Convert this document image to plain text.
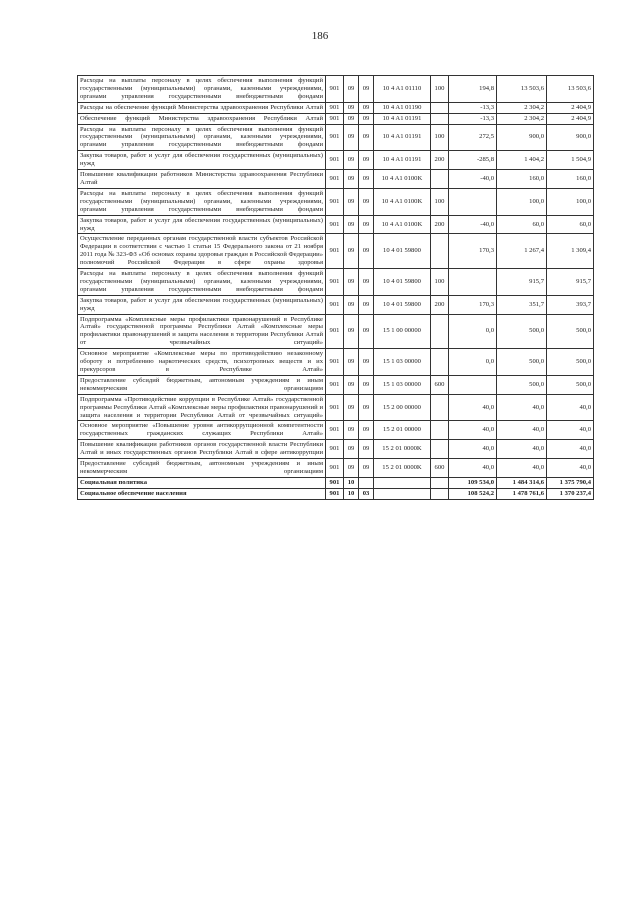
186
Расходы на выплаты персоналу в целях обеспечения выполнения функций государственными (муниципальными) органами, казенными учреждениями, органами управления государственными внебюджетными фондами	901	09	09	10 4 A1 01110	100	194,8	13 503,6	13 503,6
Расходы на обеспечение функций Министерства здравоохранения Республики Алтай	901	09	09	10 4 A1 01190		-13,3	2 304,2	2 404,9
Обеспечение функций Министерства здравоохранения Республики Алтай	901	09	09	10 4 A1 01191		-13,3	2 304,2	2 404,9
Расходы на выплаты персоналу в целях обеспечения выполнения функций государственными (муниципальными) органами, казенными учреждениями, органами управления государственными внебюджетными фондами	901	09	09	10 4 A1 01191	100	272,5	900,0	900,0
Закупка товаров, работ и услуг для обеспечения государственных (муниципальных) нужд	901	09	09	10 4 A1 01191	200	-285,8	1 404,2	1 504,9
Повышение квалификации работников Министерства здравоохранения Республики Алтай	901	09	09	10 4 A1 0100K		-40,0	160,0	160,0
Расходы на выплаты персоналу в целях обеспечения выполнения функций государственными (муниципальными) органами, казенными учреждениями, органами управления государственными внебюджетными фондами	901	09	09	10 4 A1 0100K	100		100,0	100,0
Закупка товаров, работ и услуг для обеспечения государственных (муниципальных) нужд	901	09	09	10 4 A1 0100K	200	-40,0	60,0	60,0
Осуществление переданных органам государственной власти субъектов Российской Федерации в соответствии с частью 1 статьи 15 Федерального закона от 21 ноября 2011 года № 323-ФЗ «Об основах охраны здоровья граждан в Российской Федерации» полномочий Российской Федерации в сфере охраны здоровья	901	09	09	10 4 01 59800		170,3	1 267,4	1 309,4
Расходы на выплаты персоналу в целях обеспечения выполнения функций государственными (муниципальными) органами, казенными учреждениями, органами управления государственными внебюджетными фондами	901	09	09	10 4 01 59800	100		915,7	915,7
Закупка товаров, работ и услуг для обеспечения государственных (муниципальных) нужд	901	09	09	10 4 01 59800	200	170,3	351,7	393,7
Подпрограмма «Комплексные меры профилактики правонарушений в Республике Алтай» государственной программы Республики Алтай «Комплексные меры профилактики правонарушений и защита населения в территории Республики Алтай от чрезвычайных ситуаций»	901	09	09	15 1 00 00000		0,0	500,0	500,0
Основное мероприятие «Комплексные меры по противодействию незаконному обороту и потреблению наркотических средств, психотропных веществ и их прекурсоров в Республике Алтай»	901	09	09	15 1 03 00000		0,0	500,0	500,0
Предоставление субсидий бюджетным, автономным учреждениям и иным некоммерческим организациям	901	09	09	15 1 03 00000	600		500,0	500,0
Подпрограмма «Противодействие коррупции в Республике Алтай» государственной программы Республики Алтай «Комплексные меры профилактики правонарушений и защита населения и территории Республики Алтай от чрезвычайных ситуаций»	901	09	09	15 2 00 00000		40,0	40,0	40,0
Основное мероприятие «Повышение уровня антикоррупционной компетентности государственных гражданских служащих Республики Алтай»	901	09	09	15 2 01 00000		40,0	40,0	40,0
Повышение квалификации работников органов государственной власти Республики Алтай и иных государственных органов Республики Алтай в сфере антикоррупции	901	09	09	15 2 01 0000K		40,0	40,0	40,0
Предоставление субсидий бюджетным, автономным учреждениям и иным некоммерческим организациям	901	09	09	15 2 01 0000K	600	40,0	40,0	40,0
Социальная политика	901	10				109 534,0	1 484 314,6	1 375 790,4
Социальное обеспечение населения	901	10	03			108 524,2	1 478 761,6	1 370 237,4
